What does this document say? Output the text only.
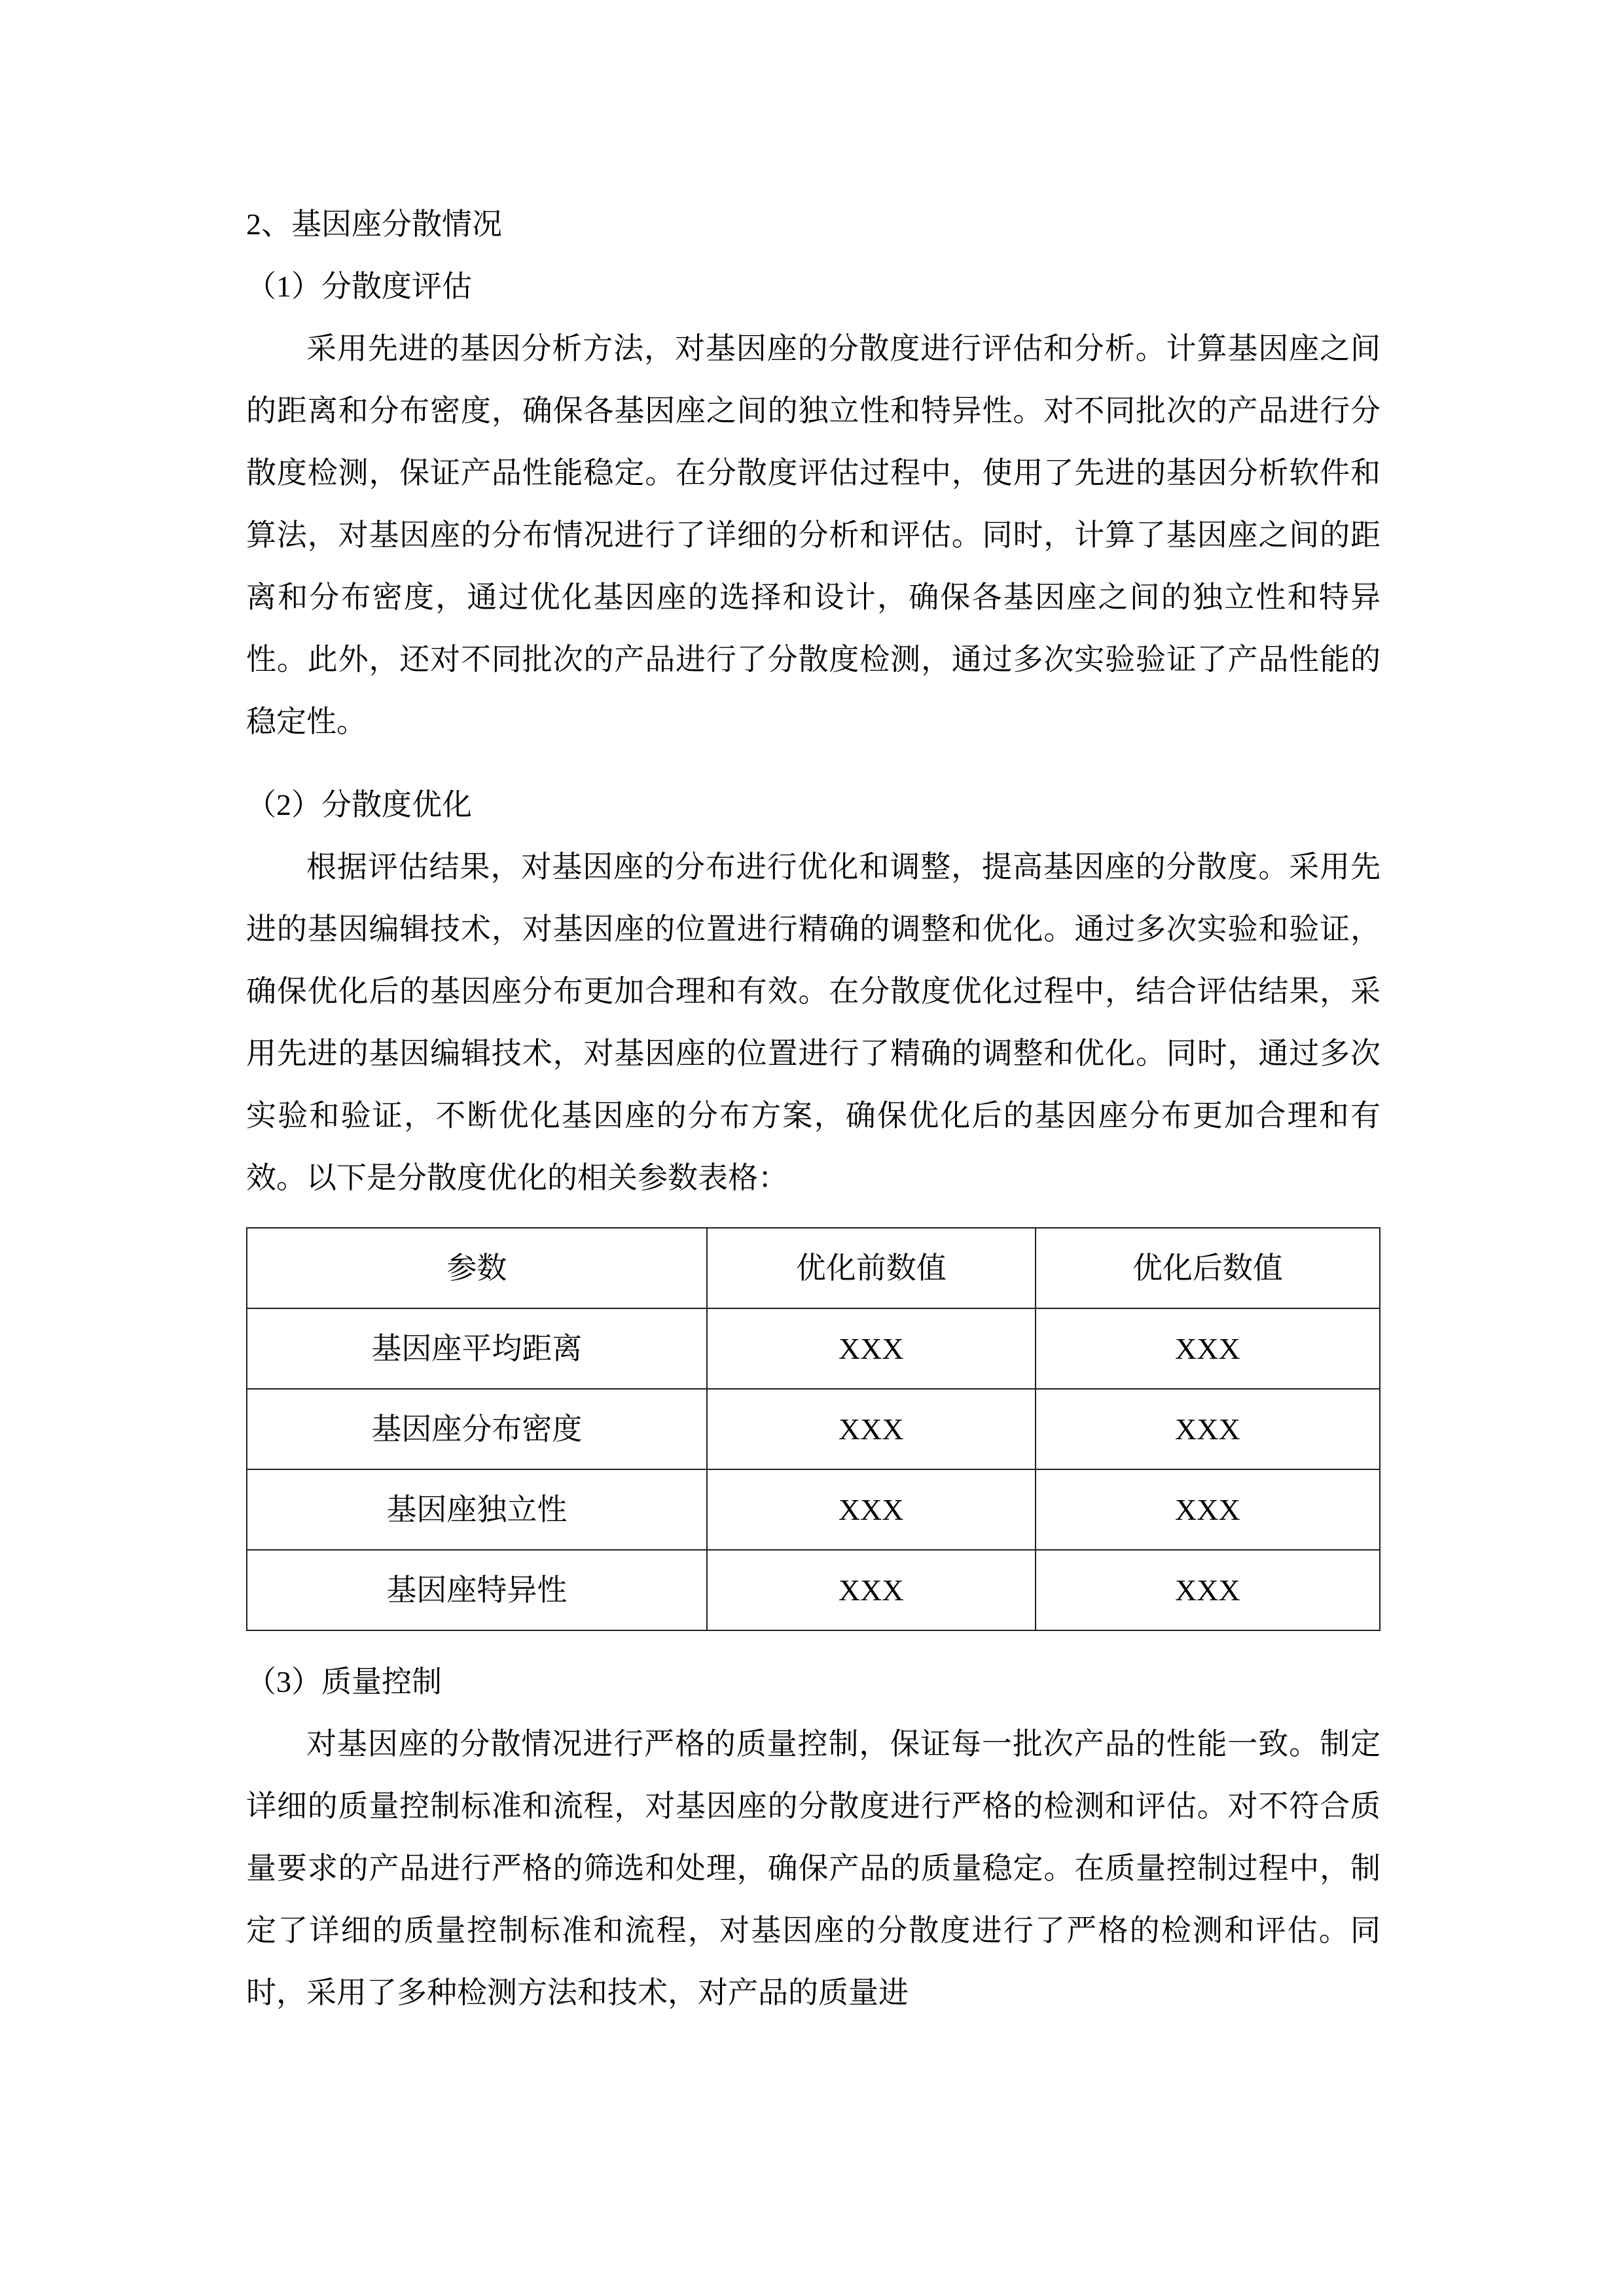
2、基因座分散情况
（1）分散度评估

采用先进的基因分析方法，对基因座的分散度进行评估和分析。计算基因座之间的距离和分布密度，确保各基因座之间的独立性和特异性。对不同批次的产品进行分散度检测，保证产品性能稳定。在分散度评估过程中，使用了先进的基因分析软件和算法，对基因座的分布情况进行了详细的分析和评估。同时，计算了基因座之间的距离和分布密度，通过优化基因座的选择和设计，确保各基因座之间的独立性和特异性。此外，还对不同批次的产品进行了分散度检测，通过多次实验验证了产品性能的稳定性。

（2）分散度优化

根据评估结果，对基因座的分布进行优化和调整，提高基因座的分散度。采用先进的基因编辑技术，对基因座的位置进行精确的调整和优化。通过多次实验和验证，确保优化后的基因座分布更加合理和有效。在分散度优化过程中，结合评估结果，采用先进的基因编辑技术，对基因座的位置进行了精确的调整和优化。同时，通过多次实验和验证，不断优化基因座的分布方案，确保优化后的基因座分布更加合理和有效。以下是分散度优化的相关参数表格：

参数	优化前数值	优化后数值
基因座平均距离	XXX	XXX
基因座分布密度	XXX	XXX
基因座独立性	XXX	XXX
基因座特异性	XXX	XXX
（3）质量控制

对基因座的分散情况进行严格的质量控制，保证每一批次产品的性能一致。制定详细的质量控制标准和流程，对基因座的分散度进行严格的检测和评估。对不符合质量要求的产品进行严格的筛选和处理，确保产品的质量稳定。在质量控制过程中，制定了详细的质量控制标准和流程，对基因座的分散度进行了严格的检测和评估。同时，采用了多种检测方法和技术，对产品的质量进
